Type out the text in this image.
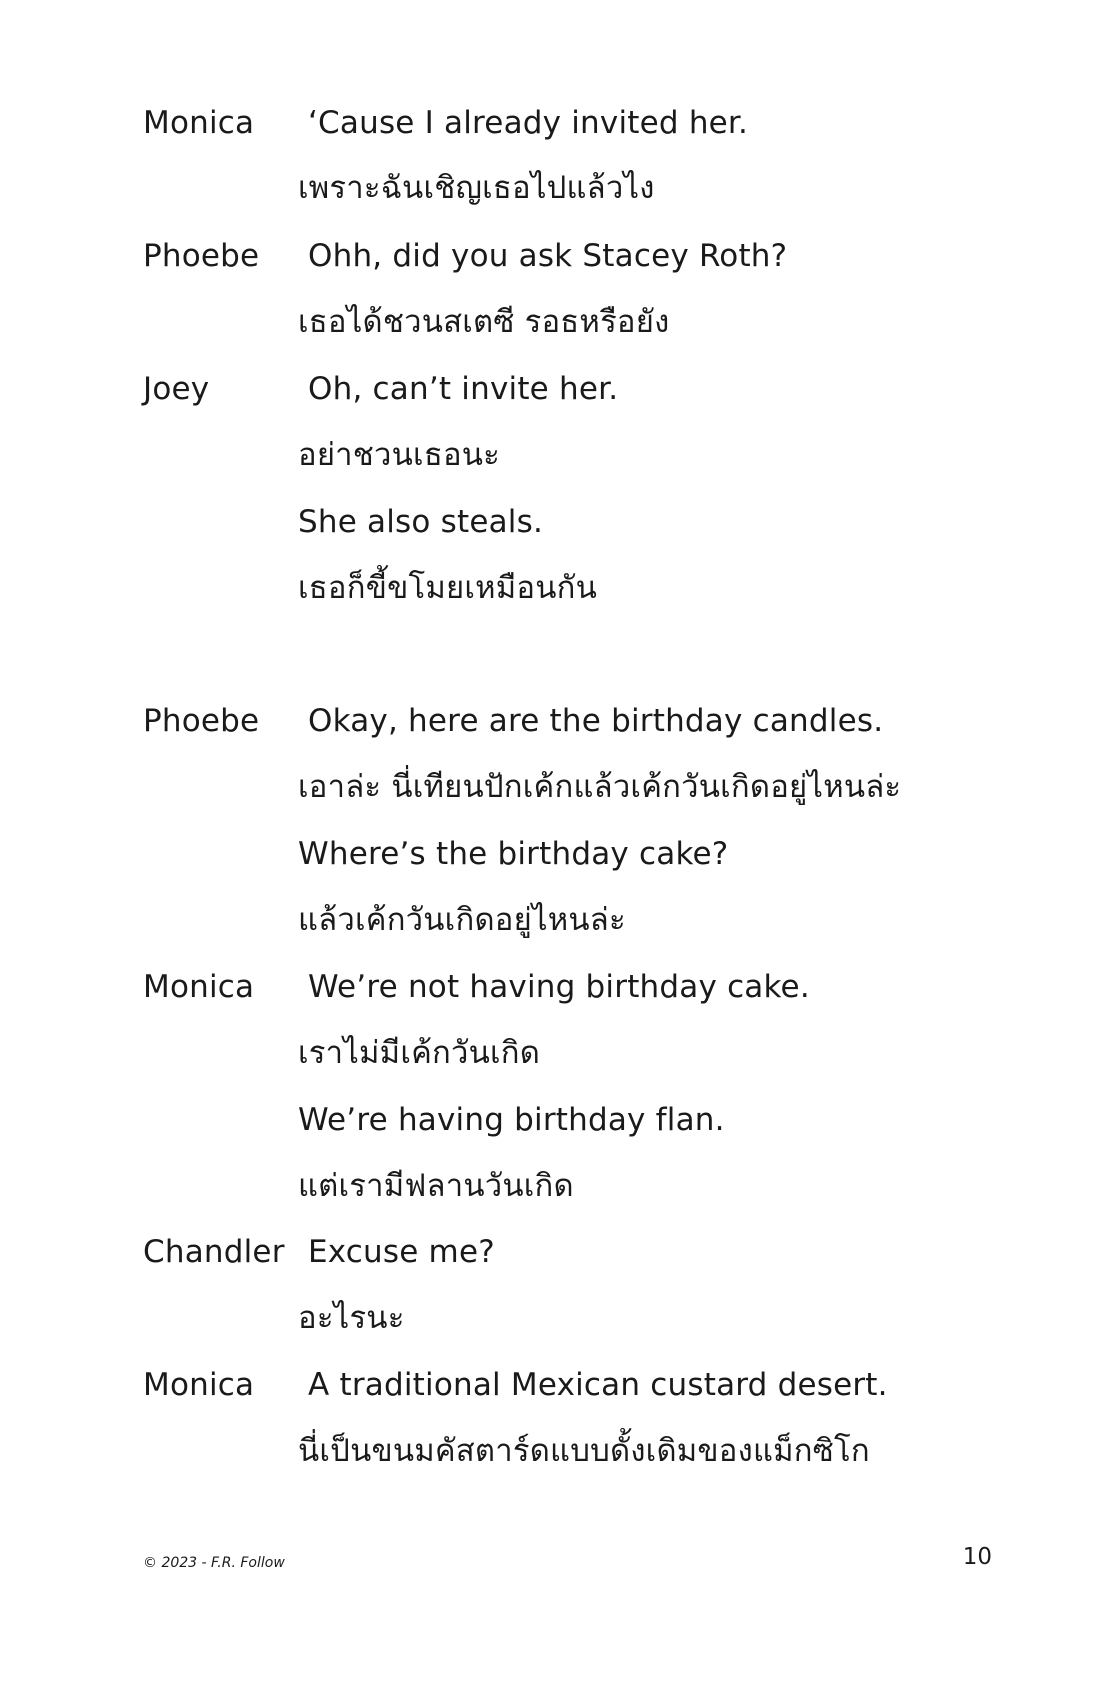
Monica ‘Cause I already invited her.
เพราะฉันเชิญเธอไปแล้วไง
Phoebe Ohh, did you ask Stacey Roth?
เธอได้ชวนสเตซี รอธหรือยัง
Joey	Oh, can’t invite her.
อย่าชวนเธอนะ
She also steals.
เธอก็ขี้ขโมยเหมือนกัน
Phoebe Okay, here are the birthday candles.
เอาล่ะ นี่เทียนปักเค้กแล้วเค้กวันเกิดอยู่ไหนล่ะ
Where’s the birthday cake?
แล้วเค้กวันเกิดอยู่ไหนล่ะ
Monica We’re not having birthday cake.
เราไม่มีเค้กวันเกิด
We’re having birthday flan.
แต่เรามีฟลานวันเกิด
Chandler Excuse me?
อะไรนะ
Monica A traditional Mexican custard desert.
นี่เป็นขนมคัสตาร์ดแบบดั้งเดิมของแม็กซิโก
© 2023 - F.R. Follow	10
